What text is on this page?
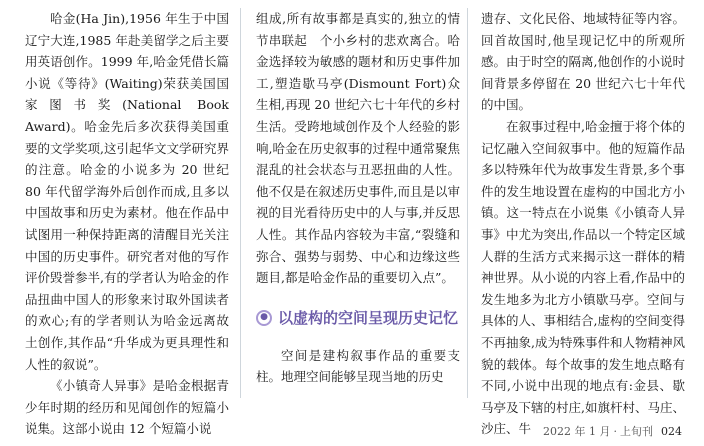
哈金(Ha Jin),1956 年生于中国辽宁大连,1985 年赴美留学之后主要用英语创作。1999 年,哈金凭借长篇小说《等待》(Waiting)荣获美国国家图书奖(National Book Award)。哈金先后多次获得美国重要的文学奖项,这引起华文文学研究界的注意。哈金的小说多为 20 世纪 80 年代留学海外后创作而成,且多以中国故事和历史为素材。他在作品中试图用一种保持距离的清醒目光关注中国的历史事件。研究者对他的写作评价毁誉参半,有的学者认为哈金的作品扭曲中国人的形象来讨取外国读者的欢心;有的学者则认为哈金远离故土创作,其作品“升华成为更具理性和人性的叙说”。

《小镇奇人异事》是哈金根据青少年时期的经历和见闻创作的短篇小说集。这部小说由 12 个短篇小说

组成,所有故事都是真实的,独立的情节串联起　个小乡村的悲欢离合。哈金选择较为敏感的题材和历史事件加工,塑造歇马亭(Dismount Fort)众生相,再现 20 世纪六七十年代的乡村生活。受跨地域创作及个人经验的影响,哈金在历史叙事的过程中通常聚焦混乱的社会状态与丑恶扭曲的人性。他不仅是在叙述历史事件,而且是以审视的目光看待历史中的人与事,并反思人性。其作品内容较为丰富,“裂缝和弥合、强势与弱势、中心和边缘这些题目,都是哈金作品的重要切入点”。

● 以虚构的空间呈现历史记忆

空间是建构叙事作品的重要支柱。地理空间能够呈现当地的历史

遗存、文化民俗、地域特征等内容。回首故国时,他呈现记忆中的所观所感。由于时空的隔离,他创作的小说时间背景多停留在 20 世纪六七十年代的中国。

在叙事过程中,哈金擅于将个体的记忆融入空间叙事中。他的短篇作品多以特殊年代为故事发生背景,多个事件的发生地设置在虚构的中国北方小镇。这一特点在小说集《小镇奇人异事》中尤为突出,作品以一个特定区域人群的生活方式来揭示这一群体的精神世界。从小说的内容上看,作品中的发生地多为北方小镇歇马亭。空间与具体的人、事相结合,虚构的空间变得不再抽象,成为特殊事件和人物精神风貌的载体。每个故事的发生地点略有不同,小说中出现的地点有:金县、歇马亭及下辖的村庄,如旗杆村、马庄、沙庄、牛	2022 年 1 月 · 上旬刊 024
